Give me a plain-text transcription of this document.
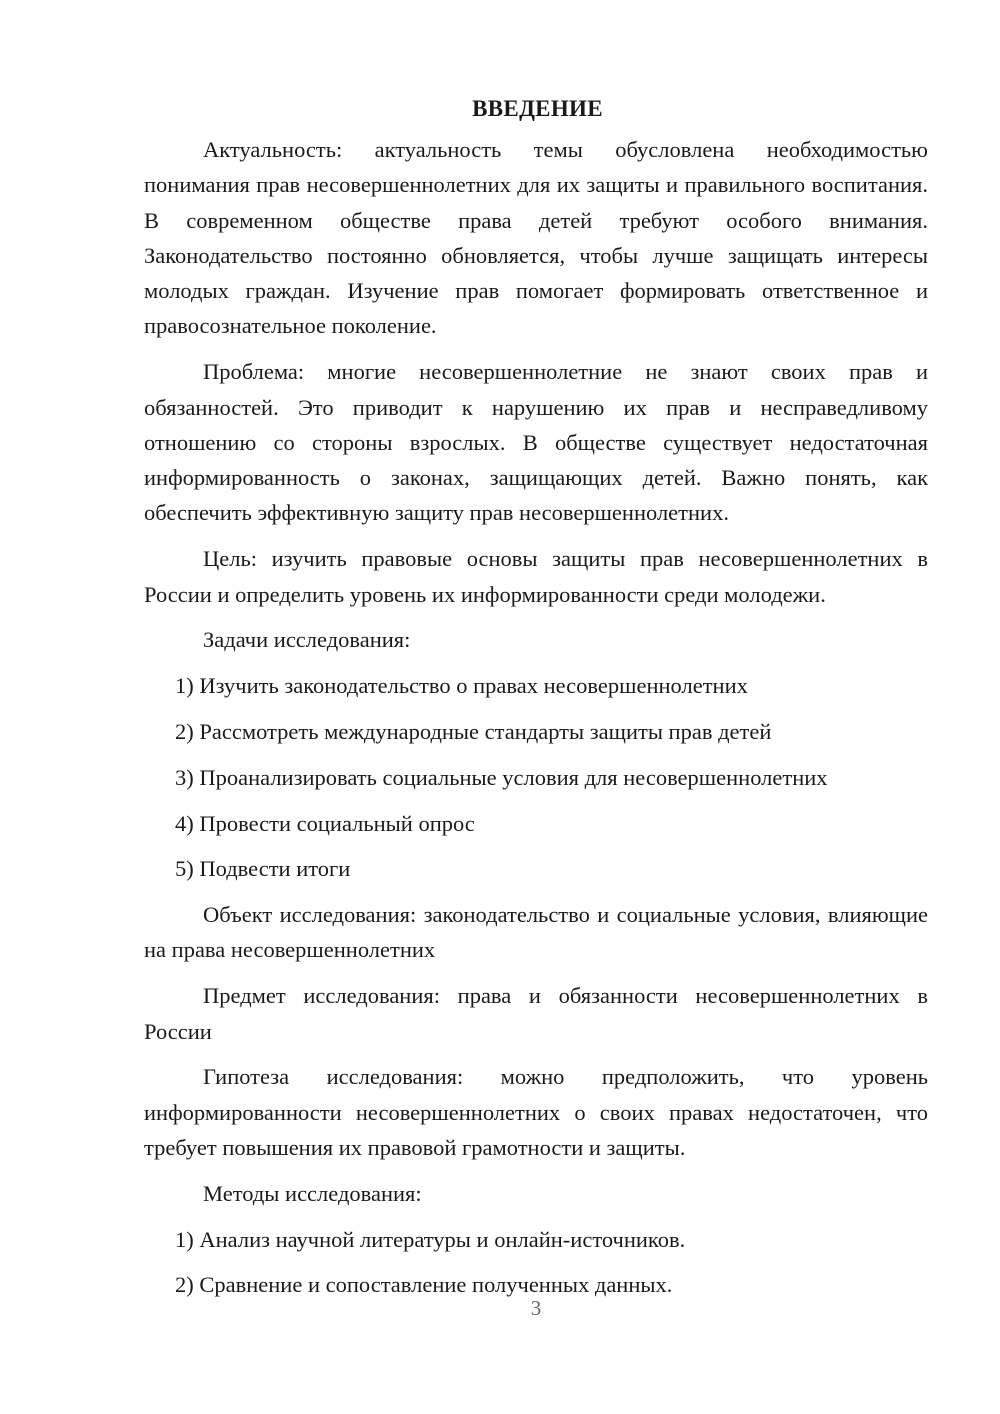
ВВЕДЕНИЕ

Актуальность: актуальность темы обусловлена необходимостью понимания прав несовершеннолетних для их защиты и правильного воспитания. В современном обществе права детей требуют особого внимания. Законодательство постоянно обновляется, чтобы лучше защищать интересы молодых граждан. Изучение прав помогает формировать ответственное и правосознательное поколение.

Проблема: многие несовершеннолетние не знают своих прав и обязанностей. Это приводит к нарушению их прав и несправедливому отношению со стороны взрослых. В обществе существует недостаточная информированность о законах, защищающих детей. Важно понять, как обеспечить эффективную защиту прав несовершеннолетних.

Цель: изучить правовые основы защиты прав несовершеннолетних в России и определить уровень их информированности среди молодежи.

Задачи исследования:
1) Изучить законодательство о правах несовершеннолетних
2) Рассмотреть международные стандарты защиты прав детей
3) Проанализировать социальные условия для несовершеннолетних
4) Провести социальный опрос
5) Подвести итоги

Объект исследования: законодательство и социальные условия, влияющие на права несовершеннолетних

Предмет исследования: права и обязанности несовершеннолетних в России

Гипотеза исследования: можно предположить, что уровень информированности несовершеннолетних о своих правах недостаточен, что требует повышения их правовой грамотности и защиты.

Методы исследования:
1) Анализ научной литературы и онлайн-источников.
2) Сравнение и сопоставление полученных данных.
3
